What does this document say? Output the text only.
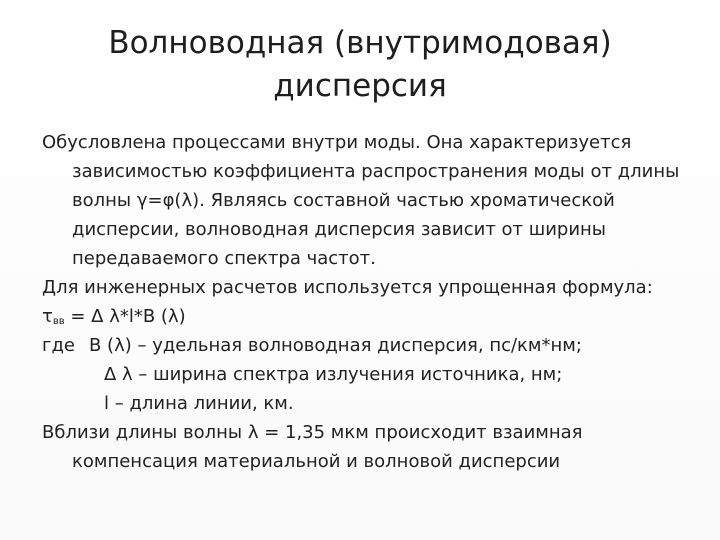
Волноводная (внутримодовая)
дисперсия

Обусловлена процессами внутри моды. Она характеризуется зависимостью коэффициента распространения моды от длины волны γ=φ(λ). Являясь составной частью хроматической дисперсии, волноводная дисперсия зависит от ширины передаваемого спектра частот.

Для инженерных расчетов используется упрощенная формула:

$\tau_{вв} = \Delta$ λ*l*B (λ)

где B (λ) – удельная волноводная дисперсия, пс/км*нм;

Δ λ – ширина спектра излучения источника, нм;

l – длина линии, км.

Вблизи длины волны λ = 1,35 мкм происходит взаимная компенсация материальной и волновой дисперсии
